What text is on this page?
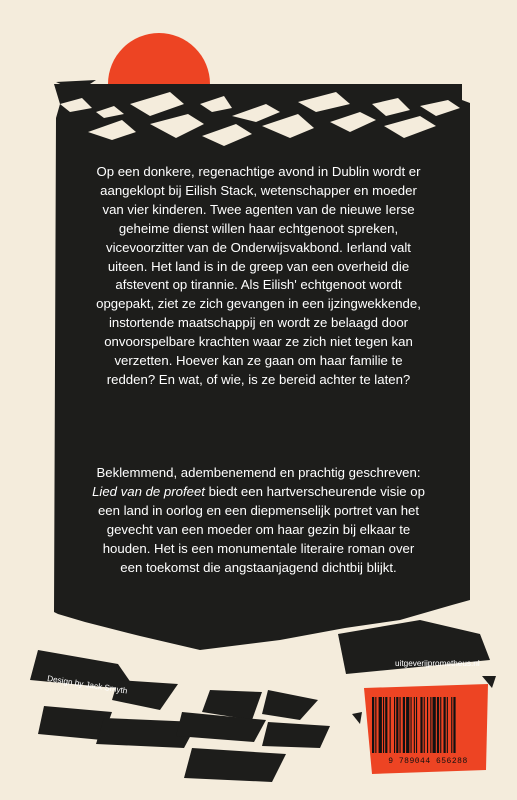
Op een donkere, regenachtige avond in Dublin wordt er aangeklopt bij Eilish Stack, wetenschapper en moeder van vier kinderen. Twee agenten van de nieuwe Ierse geheime dienst willen haar echtgenoot spreken, vicevoorzitter van de Onderwijsvakbond. Ierland valt uiteen. Het land is in de greep van een overheid die afstevent op tirannie. Als Eilish' echtgenoot wordt opgepakt, ziet ze zich gevangen in een ijzingwekkende, instortende maatschappij en wordt ze belaagd door onvoorspelbare krachten waar ze zich niet tegen kan verzetten. Hoever kan ze gaan om haar familie te redden? En wat, of wie, is ze bereid achter te laten?

Beklemmend, adembenemend en prachtig geschreven: Lied van de profeet biedt een hartverscheurende visie op een land in oorlog en een diepmenselijk portret van het gevecht van een moeder om haar gezin bij elkaar te houden. Het is een monumentale literaire roman over een toekomst die angstaanjagend dichtbij blijkt.

Design by Jack Smyth
uitgeverijprometheus.nl
9 789044 656288
